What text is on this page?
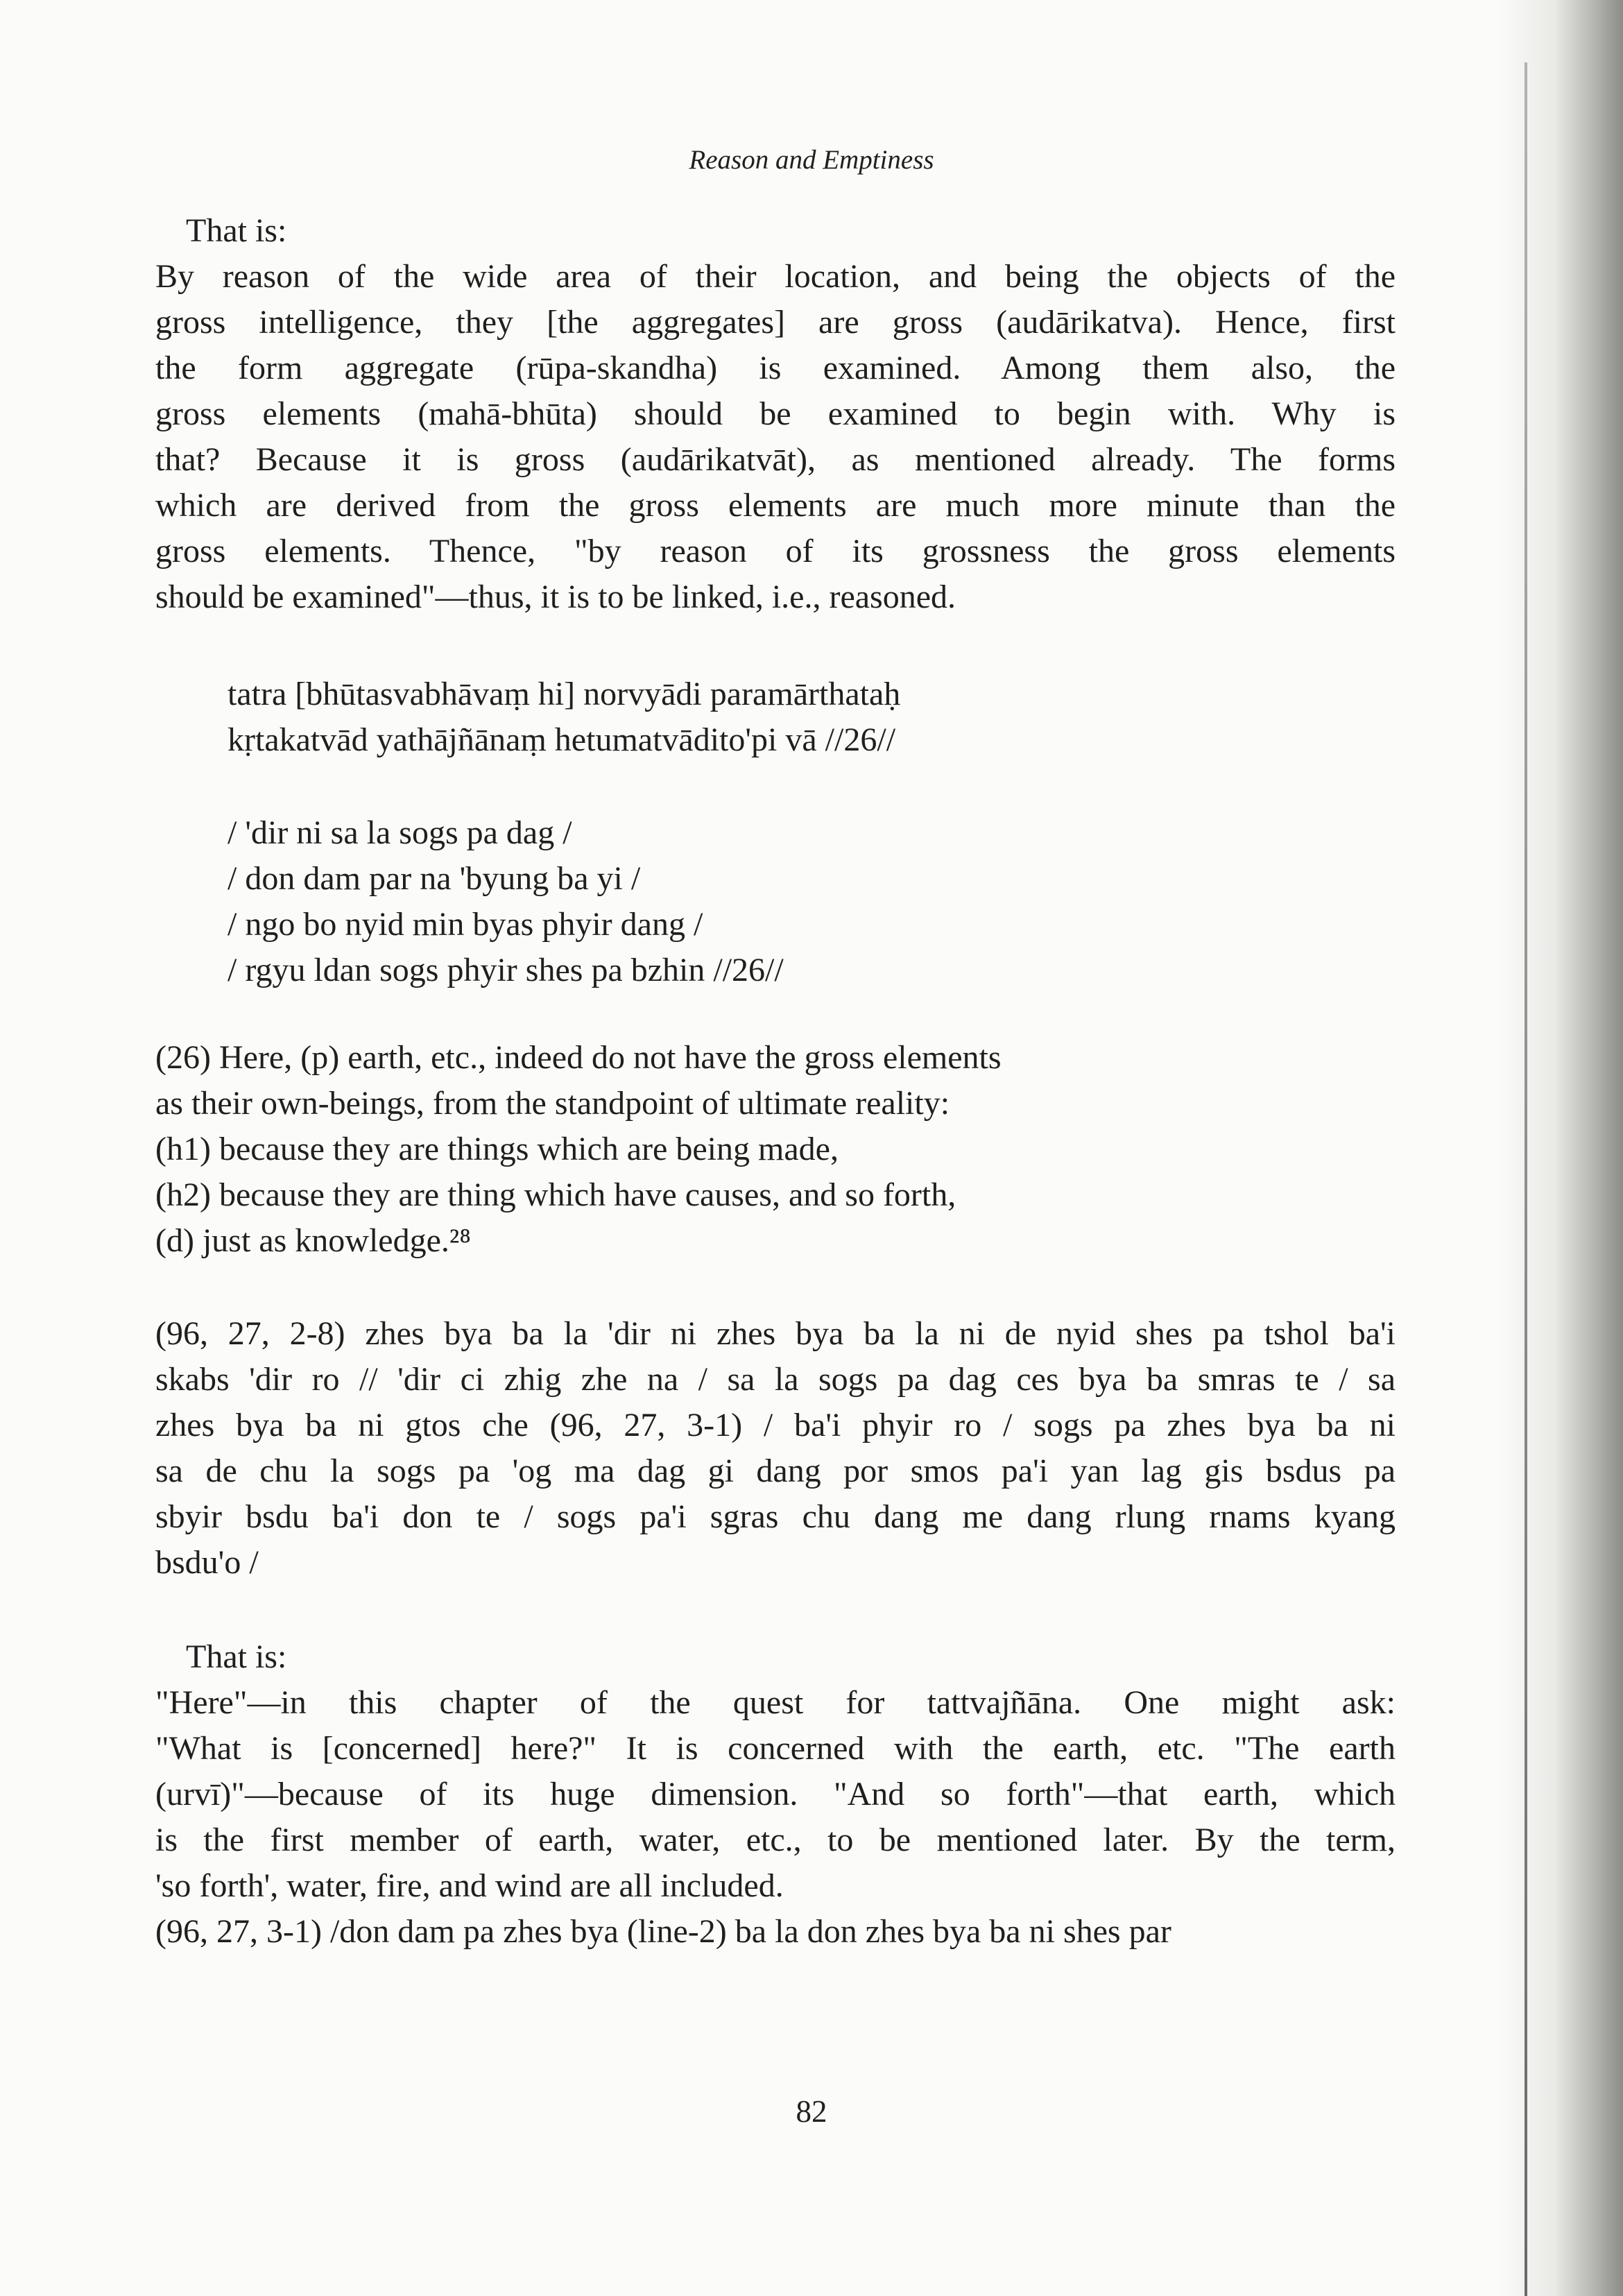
Reason and Emptiness

That is:
By reason of the wide area of their location, and being the objects of the
gross intelligence, they [the aggregates] are gross (audārikatva). Hence, first
the form aggregate (rūpa-skandha) is examined. Among them also, the
gross elements (mahā-bhūta) should be examined to begin with. Why is
that? Because it is gross (audārikatvāt), as mentioned already. The forms
which are derived from the gross elements are much more minute than the
gross elements. Thence, "by reason of its grossness the gross elements
should be examined"—thus, it is to be linked, i.e., reasoned.

tatra [bhūtasvabhāvaṃ hi] norvyādi paramārthataḥ
kṛtakatvād yathājñānaṃ hetumatvādito'pi vā //26//
/ 'dir ni sa la sogs pa dag /
/ don dam par na 'byung ba yi /
/ ngo bo nyid min byas phyir dang /
/ rgyu ldan sogs phyir shes pa bzhin //26//

(26) Here, (p) earth, etc., indeed do not have the gross elements
as their own-beings, from the standpoint of ultimate reality:
(h1) because they are things which are being made,
(h2) because they are thing which have causes, and so forth,
(d) just as knowledge.²⁸

(96, 27, 2-8) zhes bya ba la 'dir ni zhes bya ba la ni de nyid shes pa tshol ba'i
skabs 'dir ro // 'dir ci zhig zhe na / sa la sogs pa dag ces bya ba smras te / sa
zhes bya ba ni gtos che (96, 27, 3-1) / ba'i phyir ro / sogs pa zhes bya ba ni
sa de chu la sogs pa 'og ma dag gi dang por smos pa'i yan lag gis bsdus pa
sbyir bsdu ba'i don te / sogs pa'i sgras chu dang me dang rlung rnams kyang
bsdu'o /

That is:
"Here"—in this chapter of the quest for tattvajñāna. One might ask:
"What is [concerned] here?" It is concerned with the earth, etc. "The earth
(urvī)"—because of its huge dimension. "And so forth"—that earth, which
is the first member of earth, water, etc., to be mentioned later. By the term,
'so forth', water, fire, and wind are all included.

(96, 27, 3-1) /don dam pa zhes bya (line-2) ba la don zhes bya ba ni shes par

82
